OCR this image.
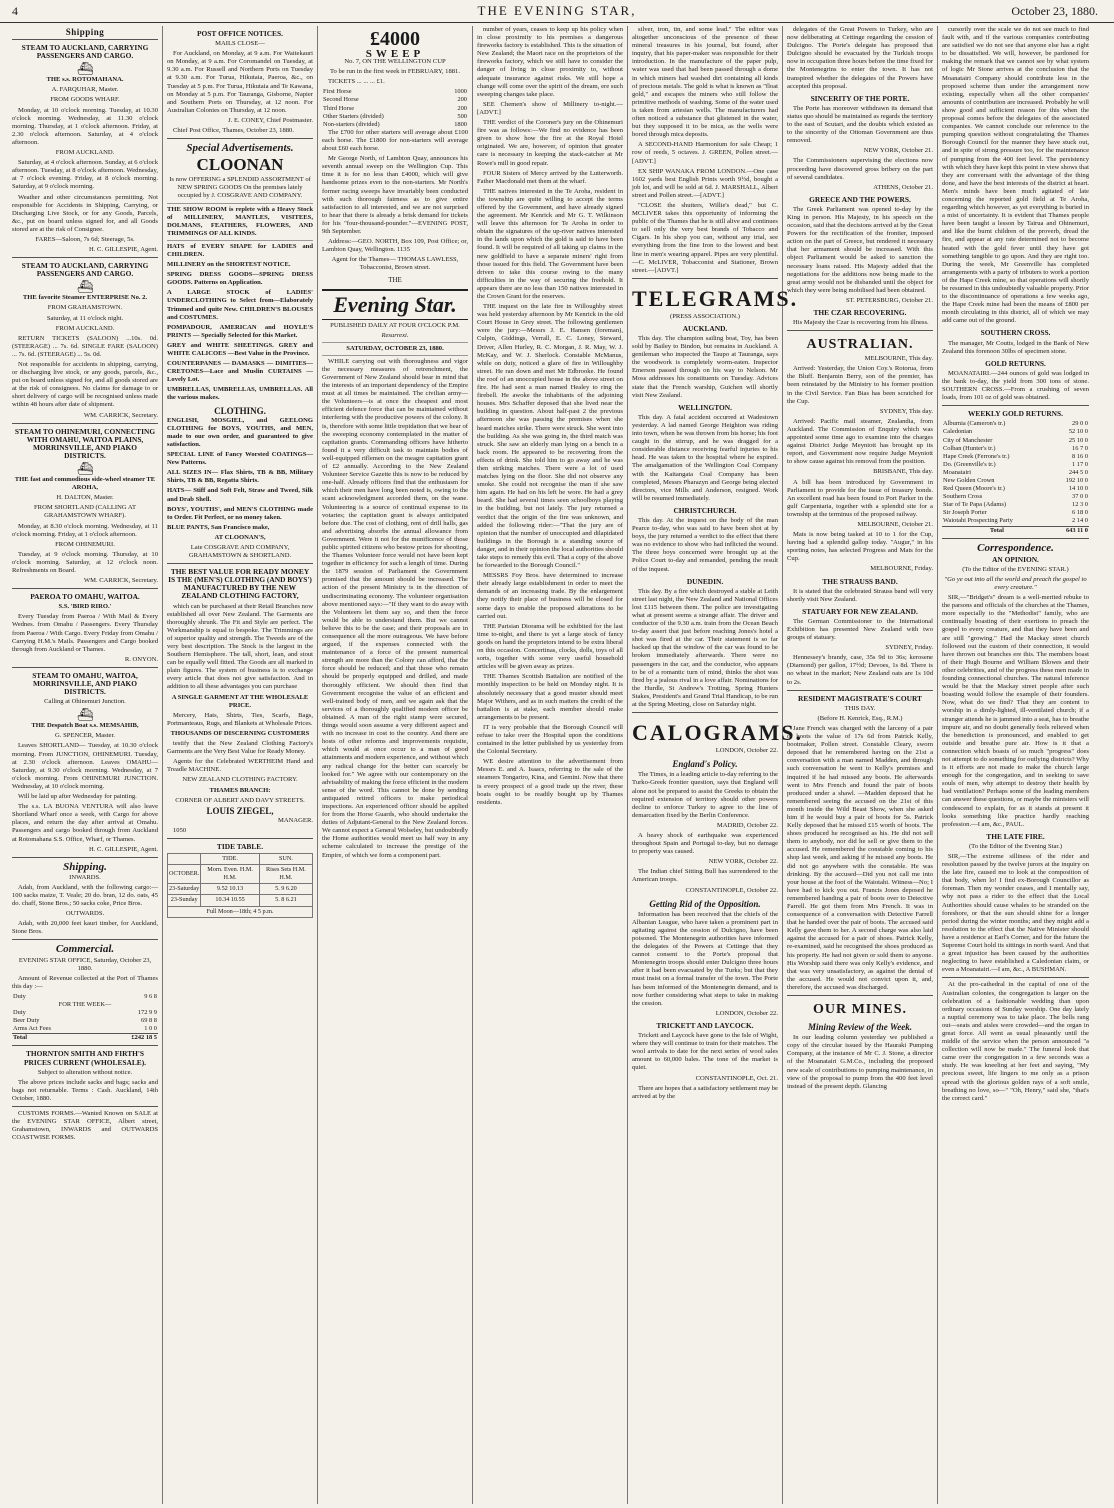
4	THE EVENING STAR,	October 23, 1880.
Shipping
STEAM TO AUCKLAND, CARRYING PASSENGERS AND CARGO.
⛴

THE s.s. ROTOMAHANA.

A. FARQUHAR, Master.

FROM GOODS WHARF.

Monday, at 10 o'clock morning. Tuesday, at 10.30 o'clock morning. Wednesday, at 11.30 o'clock morning. Thursday, at 1 o'clock afternoon. Friday, at 2.30 o'clock afternoon. Saturday, at 4 o'clock afternoon.

FROM AUCKLAND.

Saturday, at 4 o'clock afternoon. Sunday, at 6 o'clock afternoon. Tuesday, at 8 o'clock afternoon. Wednesday, at 7 o'clock evening. Friday, at 8 o'clock morning. Saturday, at 9 o'clock morning.

Weather and other circumstances permitting. Not responsible for Accidents in Shipping, Carrying, or Discharging Live Stock, or for any Goods, Parcels, &c., put on board unless signed for, and all Goods stored are at the risk of Consignee.

FARES—Saloon, 7s 6d; Steerage, 5s.

H. C. GILLESPIE, Agent.

STEAM TO AUCKLAND, CARRYING PASSENGERS AND CARGO.
⛴

THE favorite Steamer ENTERPRISE No. 2.

FROM GRAHAMSTOWN.

Saturday, at 11 o'clock night.

FROM AUCKLAND.

RETURN TICKETS (SALOON) ...10s. 0d. (STEERAGE) ... 7s. 6d. SINGLE FARE (SALOON) ... 7s. 6d. (STEERAGE) ... 5s. 0d.

Not responsible for accidents in shipping, carrying, or discharging live stock, or any goods, parcels, &c., put on board unless signed for, and all goods stored are at the risk of consignees. No claims for damage to or short delivery of cargo will be recognised unless made within 48 hours after date of shipment.

WM. CARRICK, Secretary.

STEAM TO OHINEMURI, CONNECTING WITH OMAHU, WAITOA PLAINS, MORRINSVILLE, AND PIAKO DISTRICTS.
⛴

THE fast and commodious side-wheel steamer TE AROHA,

H. DALTON, Master.

FROM SHORTLAND (CALLING AT GRAHAMSTOWN WHARF).

Monday, at 8.30 o'clock morning. Wednesday, at 11 o'clock morning. Friday, at 1 o'clock afternoon.

FROM OHINEMURI.

Tuesday, at 9 o'clock morning. Thursday, at 10 o'clock morning. Saturday, at 12 o'clock noon. Refreshments on Board.

WM. CARRICK, Secretary.

PAEROA TO OMAHU, WAITOA.

S.S. 'BIRD RIRO.'

Every Tuesday from Paeroa / With Mail & Every Wednes. from Omahu / Passengers. Every Thursday from Paeroa / With Cargo. Every Friday from Omahu / Carrying H.M.'s Mails. Passengers and Cargo booked through from Auckland or Thames.

R. ONYON.

STEAM TO OMAHU, WAITOA, MORRINSVILLE, AND PIAKO DISTRICTS.

Calling at Ohinemuri Junction.

⛴

THE Despatch Boat s.s. MEMSAHIB,

G. SPENCER, Master.

Leaves SHORTLAND— Tuesday, at 10.30 o'clock morning. From JUNCTION, OHINEMURI. Tuesday, at 2.30 o'clock afternoon. Leaves OMAHU— Saturday, at 9.30 o'clock morning. Wednesday, at 7 o'clock morning. From OHINEMURI JUNCTION. Wednesday, at 10 o'clock morning.

Will be laid up after Wednesday for painting.

The s.s. LA BUONA VENTURA will also leave Shortland Wharf once a week, with Cargo for above places, and return the day after arrival at Omahu. Passengers and cargo booked through from Auckland at Rotomahana S.S. Office, Wharf, or Thames.

H. C. GILLESPIE, Agent.

Shipping.

INWARDS.

Adah, from Auckland, with the following cargo:—100 sacks maize, T. Veale; 20 do. bran, 12 do. oats, 45 do. chaff, Stone Bros.; 50 sacks coke, Price Bros.

OUTWARDS.

Adah, with 20,000 feet kauri timber, for Auckland, Stone Bros.

Commercial.

EVENING STAR OFFICE, Saturday, October 23, 1880.

Amount of Revenue collected at the Port of Thames this day :—

Duty	9 6 8
FOR THE WEEK—	
Duty	172 9 9
Beer Duty	69 8 8
Arms Act Fees	1 0 0
Total	£242 18 5
THORNTON SMITH AND FIRTH'S PRICES CURRENT (WHOLESALE).

Subject to alteration without notice.

The above prices include sacks and bags; sacks and bags not returnable. Terms : Cash. Auckland, 14th October, 1880.

CUSTOMS FORMS.—Wanted Known on SALE at the EVENING STAR OFFICE, Albert street, Grahamstown, INWARDS and OUTWARDS COASTWISE FORMS.

POST OFFICE NOTICES.

MAILS CLOSE—

For Auckland, on Monday, at 9 a.m. For Waitekauri on Monday, at 9 a.m. For Coromandel on Tuesday, at 9.30 a.m. For Russell and Northern Ports on Tuesday at 9.30 a.m. For Turua, Hikutaia, Paeroa, &c., on Tuesday at 5 p.m. For Turua, Hikutaia and Te Kawana, on Monday at 5 p.m. For Tauranga, Gisborne, Napier and Southern Ports on Thursday, at 12 noon. For Australian Colonies on Thursday, at 12 noon.

J. E. CONEY, Chief Postmaster.

Chief Post Office, Thames, October 23, 1880.

Special Advertisements.
CLOONAN

Is now OFFERING a SPLENDID ASSORTMENT of NEW SPRING GOODS On the premises lately occupied by J. COSGRAVE AND COMPANY.

THE SHOW ROOM is replete with a Heavy Stock of MILLINERY, MANTLES, VISITEES, DOLMANS, FEATHERS, FLOWERS, AND TRIMMINGS OF ALL KINDS.

HATS of EVERY SHAPE for LADIES and CHILDREN.

MILLINERY on the SHORTEST NOTICE.

SPRING DRESS GOODS—SPRING DRESS GOODS. Patterns on Application.

A LARGE STOCK of LADIES' UNDERCLOTHING to Select from—Elaborately Trimmed and quite New. CHILDREN'S BLOUSES and COSTUMES.

POMPADOUR, AMERICAN and HOYLE'S PRINTS — Specially Selected for this Market.

GREY and WHITE SHEETINGS. GREY and WHITE CALICOES —Best Value in the Province.

COUNTERPANES — DAMASKS — DIMITIES—CRETONES—Lace and Muslin CURTAINS —Lovely Lot.

UMBRELLAS, UMBRELLAS, UMBRELLAS. All the various makes.

CLOTHING.

ENGLISH, MOSGIEL, and GEELONG CLOTHING for BOYS, YOUTHS, and MEN, made to our own order, and guaranteed to give satisfaction.

SPECIAL LINE of Fancy Worsted COATINGS—New Patterns.

ALL SIZES IN— Flax Shirts, TB & BB, Military Shirts, TB & BB, Regatta Shirts.

HATS— Stiff and Soft Felt, Straw and Tweed, Silk and Drab Shell.

BOYS', YOUTHS', and MEN'S CLOTHING made to Order. Fit Perfect, or no money taken.

BLUE PANTS, San Francisco make,

AT CLOONAN'S,

Late COSGRAVE AND COMPANY, GRAHAMSTOWN & SHORTLAND.

THE BEST VALUE FOR READY MONEY IS THE (MEN'S) CLOTHING (AND BOYS') MANUFACTURED BY THE NEW ZEALAND CLOTHING FACTORY,

which can be purchased at their Retail Branches now established all over New Zealand. The Garments are thoroughly shrunk. The Fit and Style are perfect. The Workmanship is equal to bespoke. The Trimmings are of superior quality and strength. The Tweeds are of the very best description. The Stock is the largest in the Southern Hemisphere. The tall, short, lean, and stout can be equally well fitted. The Goods are all marked in plain figures. The system of business is to exchange every article that does not give satisfaction. And in addition to all these advantages you can purchase

A SINGLE GARMENT AT THE WHOLESALE PRICE.

Mercery, Hats, Shirts, Ties, Scarfs, Bags, Portmanteaus, Rugs, and Blankets at Wholesale Prices.

THOUSANDS OF DISCERNING CUSTOMERS

testify that the New Zealand Clothing Factory's Garments are the Very Best Value for Ready Money.

Agents for the Celebrated WERTHEIM Hand and Treadle MACHINE.

NEW ZEALAND CLOTHING FACTORY.

THAMES BRANCH:

CORNER OF ALBERT AND DAVY STREETS.

LOUIS ZIEGEL,

MANAGER.

1050

TIDE TABLE.
	TIDE.	SUN.
OCTOBER.	Morn. Even. H.M. H.M.	Rises Sets H.M. H.M.
23-Saturday	9.52 10.13	5. 9 6.20
23-Sunday	10.34 10.55	5. 8 6.21
Full Moon—18th; 4 5 p.m.		
£4000
SWEEP

No. 7, ON THE WELLINGTON CUP

To be run in the first week in FEBRUARY, 1881.

TICKETS ... ... ... £1.

First Horse	1000
Second Horse	200
Third Horse	200
Other Starters (divided)	500
Non-starters (divided)	1800

The £700 for other starters will average about £100 each horse. The £1800 for non-starters will average about £60 each horse.

Mr George North, of Lambton Quay, announces his seventh annual sweep on the Wellington Cup. This time it is for no less than £4000, which will give handsome prizes even to the non-starters. Mr North's former racing sweeps have invariably been conducted with such thorough fairness as to give entire satisfaction to all interested, and we are not surprised to hear that there is already a brisk demand for tickets for his "four-thousand-pounder."—EVENING POST, 9th September.

Address:—GEO. NORTH, Box 109, Post Office; or, Lambton Quay, Wellington. 1135

Agent for the Thames— THOMAS LAWLESS, Tobacconist, Brown street.

THE
Evening Star.

PUBLISHED DAILY AT FOUR O'CLOCK P.M.

Resurrexi.

SATURDAY, OCTOBER 23, 1880.

WHILE carrying out with thoroughness and vigor the necessary measures of retrenchment, the Government of New Zealand should bear in mind that the interests of an important dependency of the Empire must at all times be maintained. The civilian army—the Volunteers—is at once the cheapest and most efficient defence force that can be maintained without interfering with the productive powers of the colony. It is, therefore with some little trepidation that we hear of the sweeping economy contemplated in the matter of capitation grants. Commanding officers have hitherto found it a very difficult task to maintain bodies of well-equipped riflemen on the meagre capitation grant of £2 annually. According to the New Zealand Volunteer Service Gazette this is now to be reduced by one-half. Already officers find that the enthusiasm for which their men have long been noted is, owing to the scant acknowledgment accorded them, on the wane. Volunteering is a source of continual expense to its votaries; the capitation grant is always anticipated before due. The cost of clothing, rent of drill halls, gas and advertising absorbs the annual allowance from Government. Were it not for the munificence of those public spirited citizens who bestow prizes for shooting, the Thames Volunteer force would not have been kept together in efficiency for such a length of time. During the 1879 session of Parliament the Government promised that the amount should be increased. The action of the present Ministry is in the direction of undiscriminating economy. The volunteer organisation above mentioned says:—"If they want to do away with the Volunteers let them say so, and then the force would be able to understand them. But we cannot believe this to be the case; and their proposals are in consequence all the more outrageous. We have before argued, if the expenses connected with the maintenance of a force of the present numerical strength are more than the Colony can afford, that the force should be reduced; and that those who remain should be properly equipped and drilled, and made thoroughly efficient. We should then find that Government recognise the value of an efficient and well-trained body of men, and we again ask that the services of a thoroughly qualified modern officer be obtained. A man of the right stamp were secured, things would soon assume a very different aspect and with no increase in cost to the country. And there are hosts of other reforms and improvements requisite, which would at once occur to a man of good attainments and modern experience, and without which any radical change for the better can scarcely be looked for." We agree with our contemporary on the advisability of making the force efficient in the modern sense of the word. This cannot be done by sending antiquated retired officers to make periodical inspections. An experienced officer should be applied for from the Horse Guards, who should undertake the duties of Adjutant-General to the New Zealand forces. We cannot expect a General Wolseley, but undoubtedly the Home authorities would meet us half way in any scheme calculated to increase the prestige of the Empire, of which we form a component part.

number of years, ceases to keep up his policy when in close proximity to his premises a dangerous fireworks factory is established. This is the situation of New Zealand; the Maori race on the proprietors of the fireworks factory, which we still have to consider the danger of living in close proximity to, without adequate insurance against risks. We still hope a change will come over the spirit of the dream, ere such sweeping changes take place.

SEE Chemen's show of Millinery to-night.—[ADVT.]

THE verdict of the Coroner's jury on the Ohinemuri fire was as follows:—We find no evidence has been given to show how the fire at the Royal Hotel originated. We are, however, of opinion that greater care is necessary in keeping the stack-catcher at Mr Rowe's mill in good repair.

FOUR Sisters of Mercy arrived by the Lutterworth. Father Macdonald met them at the wharf.

THE natives interested in the Te Aroha, resident in the township are quite willing to accept the terms offered by the Government, and have already signed the agreement. Mr Kenrick and Mr G. T. Wilkinson will leave this afternoon for Te Aroha in order to obtain the signatures of the up-river natives interested in the lands upon which the gold is said to have been found. It will be required of all taking up claims in the new goldfield to have a separate miners' right from those issued for this field. The Government have been driven to take this course owing to the many difficulties in the way of securing the freehold. It appears there are no less than 150 natives interested in the Crown Grant for the reserves.

THE inquest on the late fire in Willoughby street was held yesterday afternoon by Mr Kenrick in the old Court House in Grey street. The following gentlemen were the jury:—Messrs J. E. Hansen (foreman), Culpin, Giddings, Verrall, E. C. Loney, Steward, Driver, Allen Hurley, R. C. Morgan, J. R. May, W. J. McKay, and W. J. Sherlock. Constable McManus, while on duty, noticed a glare of fire in Willoughby street. He ran down and met Mr Edbrooke. He found the roof of an unoccupied house in the above street on fire. He had sent a man named Healey to ring the firebell. He awoke the inhabitants of the adjoining houses. Mrs Schaffer deposed that she lived near the building in question. About half-past 2 the previous afternoon she was passing the premises when she heard matches strike. There were struck. She went into the building. As she was going in, the third match was struck. She saw an elderly man lying on a bench in a back room. He appeared to be recovering from the effects of drink. She told him to go away and he was then striking matches. There were a lot of used matches lying on the floor. She did not observe any smoke. She could not recognise the man if she saw him again. He had on his left he wore. He had a grey beard. She had several times seen schoolboys playing in the building, but not lately. The jury returned a verdict that the origin of the fire was unknown, and added the following rider:—"That the jury are of opinion that the number of unoccupied and dilapidated buildings in the Borough is a standing source of danger, and in their opinion the local authorities should take steps to remedy this evil. That a copy of the above be forwarded to the Borough Council."

MESSRS Foy Bros. have determined to increase their already large establishment in order to meet the demands of an increasing trade. By the enlargement they notify their place of business will be closed for some days to enable the proposed alterations to be carried out.

THE Parisian Diorama will be exhibited for the last time to-night, and there is yet a large stock of fancy goods on hand the proprietors intend to be extra liberal on this occasion. Concertinas, clocks, dolls, toys of all sorts, together with some very useful household articles will be given away as prizes.

THE Thames Scottish Battalion are notified of the monthly inspection to be held on Monday night. It is absolutely necessary that a good muster should meet Major Withers, and as in such matters the credit of the battalion is at stake, each member should make arrangements to be present.

IT is very probable that the Borough Council will refuse to take over the Hospital upon the conditions contained in the letter published by us yesterday from the Colonial Secretary.

WE desire attention to the advertisement from Messrs E. and A. Isaacs, referring to the sale of the steamers Tongariro, Kina, and Gemini. Now that there is every prospect of a good trade up the river, these boats ought to be readily bought up by Thames residents.

silver, iron, tin, and some lead." The editor was altogether unconscious of the presence of these mineral treasures in his journal, but found, after inquiry, that his paper-maker was responsible for their introduction. In the manufacture of the paper pulp, water was used that had been passed through a dome in which miners had washed dirt containing all kinds of precious metals. The gold is what is known as "float gold," and escapes the miners who still follow the primitive methods of washing. Some of the water used is taken from artesian wells. The manufacturers had often noticed a substance that glistened in the water, but they supposed it to be mica, as the wells were bored through mica deposits.

A SECOND-HAND Harmonium for sale Cheap; 1 row of reeds, 5 octaves. J. GREEN, Pollen street.—[ADVT.]

EX SHIP WANAKA FROM LONDON.—One case 1602 yards best English Prints worth 9½d, bought a job lot, and will be sold at 6d. J. MARSHALL, Albert street and Pollen street.—[ADVT.]

"CLOSE the shutters, Willie's dead," but C. MCLIVER takes this opportunity of informing the public of the Thames that he is still alive and continues to sell only the very best brands of Tobacco and Cigars. In his shop you can, without any trial, see everything from the fine Iron to the lowest and best line in men's wearing apparel. Pipes are very plentiful.—C. McLIVER, Tobacconist and Stationer, Brown street.—[ADVT.]

TELEGRAMS.

(PRESS ASSOCIATION.)

AUCKLAND.

This day. The champion sailing boat, Toy, has been sold by Bailey to Bindon, but remains in Auckland. A gentleman who inspected the Taupo at Tauranga, says the woodwork is completely worm-eaten. Inspector Emerson passed through on his way to Nelson. Mr Moss addresses his constituents on Tuesday. Advices state that the French warship, Guichen will shortly visit New Zealand.

WELLINGTON.

This day. A fatal accident occurred at Wadestown yesterday. A lad named George Heighton was riding into town, when he was thrown from his horse; his foot caught in the stirrup, and he was dragged for a considerable distance receiving fearful injuries to his head. He was taken to the hospital where he expired. The amalgamation of the Wellington Coal Company with the Kaitangata Coal Company has been completed, Messrs Pharazyn and George being elected directors, vice Mills and Anderson, resigned. Work will be resumed immediately.

CHRISTCHURCH.

This day. At the inquest on the body of the man Pearce to-day, who was said to have been shot at by boys, the jury returned a verdict to the effect that there was no evidence to show who had inflicted the wound. The three boys concerned were brought up at the Police Court to-day and remanded, pending the result of the inquest.

DUNEDIN.

This day. By a fire which destroyed a stable at Leith street last night, the New Zealand and National Offices lost £115 between them. The police are investigating what at present seems a strange affair. The driver and conductor of the 9.30 a.m. train from the Ocean Beach to-day assert that just before reaching Jones's hotel a shot was fired at the car. Their statement is so far backed up that the window of the car was found to be broken immediately afterwards. There were no passengers in the car, and the conductor, who appears to be of a romantic turn of mind, thinks the shot was fired by a jealous rival in a love affair. Nominations for the Hurdle, St Andrew's Trotting, Spring Hunters Stakes, President's and Grand Trial Handicap, to be run at the Spring Meeting, close on Saturday night.

CALOGRAMS.

LONDON, October 22.

England's Policy.

The Times, in a leading article to-day referring to the Turko-Greek frontier question, says that England will alone not be prepared to assist the Greeks to obtain the required extension of territory should other powers decline to enforce Turkey to agree to the line of demarcation fixed by the Berlin Conference.

MADRID, October 22.

A heavy shock of earthquake was experienced throughout Spain and Portugal to-day, but no damage to property was caused.

NEW YORK, October 22.

The Indian chief Sitting Bull has surrendered to the American troops.

CONSTANTINOPLE, October 22.

Getting Rid of the Opposition.

Information has been received that the chiefs of the Albanian League, who have taken a prominent part in agitating against the cession of Dulcigno, have been poisoned. The Montenegrin authorities have informed the delegates of the Powers at Cettinge that they cannot consent to the Porte's proposal that Montenegrin troops should enter Dulcigno three hours after it had been evacuated by the Turks; but that they must insist on a formal transfer of the town. The Porte has been informed of the Montenegrin demand, and is now further considering what steps to take in making the cession.

LONDON, October 22.

TRICKETT AND LAYCOCK.

Trickett and Laycock have gone to the Isle of Wight, where they will continue to train for their matches. The wool arrivals to date for the next series of wool sales amount to 60,000 bales. The tone of the market is quiet.

CONSTANTINOPLE, Oct. 21.

There are hopes that a satisfactory settlement may be arrived at by the

delegates of the Great Powers to Turkey, who are now deliberating at Cettinge regarding the cession of Dulcigno. The Porte's delegate has proposed that Dulcigno should be evacuated by the Turkish troops now in occupation three hours before the time fixed for the Montenegrins to enter the town. It has not transpired whether the delegates of the Powers have accepted this proposal.

SINCERITY OF THE PORTE.

The Porte has moreover withdrawn its demand that status quo should be maintained as regards the territory to the east of Scutari, and the doubts which existed as to the sincerity of the Ottoman Government are thus removed.

NEW YORK, October 21.

The Commissioners supervising the elections now proceeding have discovered gross bribery on the part of several candidates.

ATHENS, October 21.

GREECE AND THE POWERS.

The Greek Parliament was opened to-day by the King in person. His Majesty, in his speech on the occasion, said that the decisions arrived at by the Great Powers for the rectification of the frontier, imposed action on the part of Greece, but rendered it necessary that her armament should be increased. With this object Parliament would be asked to sanction the necessary loans raised. His Majesty added that the negotiations for the additions now being made to the great army would not be disbanded until the object for which they were being mobilised had been obtained.

ST. PETERSBURG, October 21.

THE CZAR RECOVERING.

His Majesty the Czar is recovering from his illness.

AUSTRALIAN.

MELBOURNE, This day.

Arrived: Yesterday, the Union Coy.'s Rotorua, from the Bluff. Benjamin Berry, son of the premier, has been reinstated by the Ministry to his former position in the Civil Service. Fan Bias has been scratched for the Cup.

SYDNEY, This day.

Arrived: Pacific mail steamer, Zealandia, from Auckland. The Commission of Enquiry which was appointed some time ago to examine into the charges against District Judge Meyniott has brought up its report, and Government now require Judge Meyniott to show cause against his removal from the position.

BRISBANE, This day.

A bill has been introduced by Government in Parliament to provide for the issue of treasury bonds. An excellent road has been found to Port Parker in the gulf Carpentaria, together with a splendid site for a township at the terminus of the proposed railway.

MELBOURNE, October 21.

Mats is now being tasked at 10 to 1 for the Cup, having had a splendid gallop today. "Augur," in his sporting notes, has selected Progress and Mats for the Cup.

MELBOURNE, Friday.

THE STRAUSS BAND.

It is stated that the celebrated Strauss band will very shortly visit New Zealand.

STATUARY FOR NEW ZEALAND.

The German Commissioner to the International Exhibition has presented New Zealand with two groups of statuary.

SYDNEY, Friday.

Hennessey's brandy, case, 35s 9d to 36s; kerosene (Diamond) per gallon, 17½d; Devoes, 1s 8d. There is no wheat in the market; New Zealand oats are 1s 10d to 2s.

RESIDENT MAGISTRATE'S COURT

THIS DAY.

(Before H. Kenrick, Esq., R.M.)

Jane French was charged with the larceny of a pair of boots the value of 17s 6d from Patrick Kelly, bootmaker, Pollen street. Constable Cleary, sworn deposed that he remembered having on the 21st a conversation with a man named Madden, and through such conversation he went to Kelly's premises and inquired if he had missed any boots. He afterwards went to Mrs French and found the pair of boots produced under a shawl. —Madden deposed that he remembered seeing the accused on the 21st of this month inside the Wild Beast Show, when she asked him if he would buy a pair of boots for 5s. Patrick Kelly deposed that he missed £15 worth of boots. The shoes produced he recognised as his. He did not sell them to anybody, nor did he sell or give them to the accused. He remembered the constable coming to his shop last week, and asking if he missed any boots. He did not go anywhere with the constable. He was drinking. By the accused—Did you not call me into your house at the foot of the Waiotahi. Witness—No; I have had to kick you out. Francis Jones deposed he remembered handing a pair of boots over to Detective Farrell. He got them from Mrs French. It was in consequence of a conversation with Detective Farrell that he handed over the pair of boots. The accused said Kelly gave them to her. A second charge was also laid against the accused for a pair of shoes. Patrick Kelly, re-examined, said he recognised the shoes produced as his property. He had not given or sold them to anyone. His Worship said there was only Kelly's evidence, and that was very unsatisfactory, as against the denial of the accused. He would not convict upon it, and, therefore, the accused was discharged.

OUR MINES.
Mining Review of the Week.

In our leading column yesterday we published a copy of the circular issued by the Hauraki Pumping Company, at the instance of Mr C. J. Stone, a director of the Moanatairi G.M.Co., including the proposed new scale of contributions to pumping maintenance, in view of the proposal to pump from the 400 feet level instead of the present depth. Glancing

cursorily over the scale we do not see much to find fault with, and if the various companies contributing are satisfied we do not see that anyone else has a right to be dissatisfied. We will, however, be pardoned for making the remark that we cannot see by what system of logic Mr Stone arrives at the conclusion that the Moanatairi Company should contribute less in the proposed scheme than under the arrangement now existing, especially when all the other companies' amounts of contribution are increased. Probably he will show good and sufficient reason for this when the proposal comes before the delegates of the associated companies. We cannot conclude our reference to the pumping question without congratulating the Thames Borough Council for the manner they have stuck out, and in spite of strong pressure too, for the maintenance of pumping from the 400 feet level. The persistency with which they have kept this point in view shows that they are conversant with the advantage of the thing done, and have the best interests of the district at heart. Men's minds have been much agitated of late concerning the reported gold field at Te Aroha, regarding which however, as yet everything is buried in a mist of uncertainty. It is evident that Thames people have been taught a lesson by Tairua and Ohinemuri, and like the burnt children of the proverb, dread the fire, and appear at any rate determined not to become heated with the gold fever until they have got something tangible to go upon. And they are right too. During the week, Mr Greenville has completed arrangements with a party of tributers to work a portion of the Hape Creek mine, so that operations will shortly be resumed in this undoubtedly valuable property. Prior to the discontinuance of operations a few weeks ago, the Hape Creek mine had been the means of £800 per month circulating in this district, all of which we may add came out of the ground.

SOUTHERN CROSS.

The manager, Mr Coutts, lodged in the Bank of New Zealand this forenoon 30lbs of specimen stone.

GOLD RETURNS.

MOANATAIRI.—244 ounces of gold was lodged in the bank to-day, the yield from 300 tons of stone. SOUTHERN CROSS.—From a crushing of seven loads, from 101 oz of gold was obtained.

WEEKLY GOLD RETURNS.
Alburnia (Cameron's tr.)	29 0 0
Caledonian	52 10 0
City of Manchester	25 10 0
Colban (Hunter's tr.)	16 7 0
Hape Creek (Ferrone's tr.)	8 16 0
Do. (Greenville's tr.)	1 17 0
Moanatairi	244 5 0
New Golden Crown	192 10 0
Red Queen (Moore's tr.)	14 10 0
Southern Cross	37 0 0
Star of Te Papa (Adams)	12 3 0
Sir Joseph Porter	6 18 0
Waiotahi Prospecting Party	2 14 0
Total	643 11 0
Correspondence.
AN OPINION.

(To the Editor of the EVENING STAR.)

"Go ye out into all the world and preach the gospel to every creature."

SIR,—"Bridget's" dream is a well-merited rebuke to the parsons and officials of the churches at the Thames, more especially to the "Methodist" family, who are continually boasting of their exertions to preach the gospel to every creature, and that they have been and are still "growing." Had the Mackay street church followed out the custom of their connection, it would have thrown out branches ere this. The members boast of their Hugh Bourne and William Blowes and their other celebrities, and of the progress these men made in founding connectional churches. The natural inference would be that the Mackay street people after such boasting would follow the example of their founders. Now, what do we find? That they are content to worship in a dimly-lighted, ill-ventilated church; if a stranger attends he is jammed into a seat, has to breathe impure air, and no doubt generally feels relieved when the benediction is pronounced, and enabled to get outside and breathe pure air. How is it that a connection which boasts of so much "progress" does not attempt to do something for outlying districts? Why is it efforts are not made to make the church large enough for the congregation, and in seeking to save souls of men, why attempt to destroy their health by bad ventilation? Perhaps some of the leading members can answer these questions, or maybe the ministers will condescend to explain, for as it stands at present it looks something like practice hardly reaching profession.—I am, &c., PAUL.

THE LATE FIRE.

(To the Editor of the Evening Star.)

SIR,—The extreme silliness of the rider and resolution passed by the twelve jurors at the inquiry on the late fire, caused me to look at the composition of that body, when lo! I find ex-Borough Councillor as foreman. Then my wonder ceases, and I mentally say, why not pass a rider to the effect that the Local Authorities should cause whales to be stranded on the foreshore, or that the sun should shine for a longer period during the winter months; and they might add a resolution to the effect that the Native Minister should have a residence at Earl's Corner, and for the future the Supreme Court hold its sittings in north ward. And that a great injustice has been caused by the authorities neglecting to have established a Caledonian claim, or even a Moanatairi.—I am, &c., A BUSHMAN.

At the pro-cathedral in the capital of one of the Australian colonies, the congregation is larger on the celebration of a fashionable wedding than upon ordinary occasions of Sunday worship. One day lately a nuptial ceremony was to take place. The bells rang out—seats and aisles were crowded—and the organ in great force. All went as usual pleasantly until the middle of the service when the person announced "a collection will now be made." The funeral look that came over the congregation in a few seconds was a study. He was kneeling at her feet and saying, "My precious sweet, life lingers to me only as a prison spread with the glorious golden rays of a soft smile, breathing no love, so—" "Oh, Henry," said she, "that's the correct card."
